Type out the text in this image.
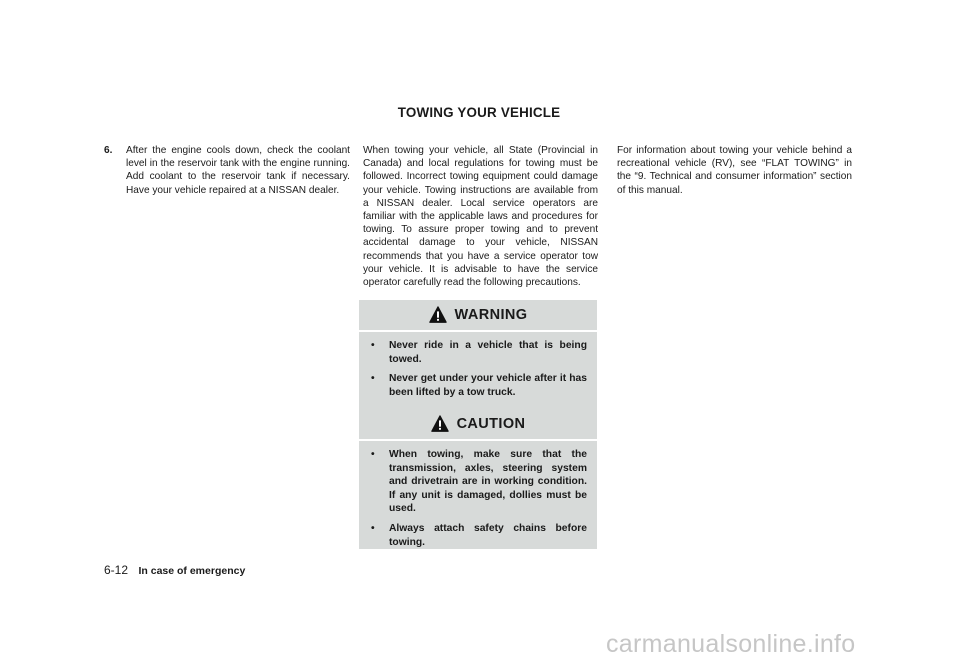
TOWING YOUR VEHICLE
6.	After the engine cools down, check the coolant level in the reservoir tank with the engine running. Add coolant to the reservoir tank if necessary. Have your vehicle repaired at a NISSAN dealer.
When towing your vehicle, all State (Provincial in Canada) and local regulations for towing must be followed. Incorrect towing equipment could damage your vehicle. Towing instructions are available from a NISSAN dealer. Local service operators are familiar with the applicable laws and procedures for towing. To assure proper towing and to prevent accidental damage to your vehicle, NISSAN recommends that you have a service operator tow your vehicle. It is advisable to have the service operator carefully read the following precautions.
WARNING
•	Never ride in a vehicle that is being towed.
•	Never get under your vehicle after it has been lifted by a tow truck.
CAUTION
•	When towing, make sure that the transmission, axles, steering system and drivetrain are in working condition. If any unit is damaged, dollies must be used.
•	Always attach safety chains before towing.
For information about towing your vehicle behind a recreational vehicle (RV), see “FLAT TOWING” in the “9. Technical and consumer information” section of this manual.
6-12 In case of emergency
carmanualsonline.info
